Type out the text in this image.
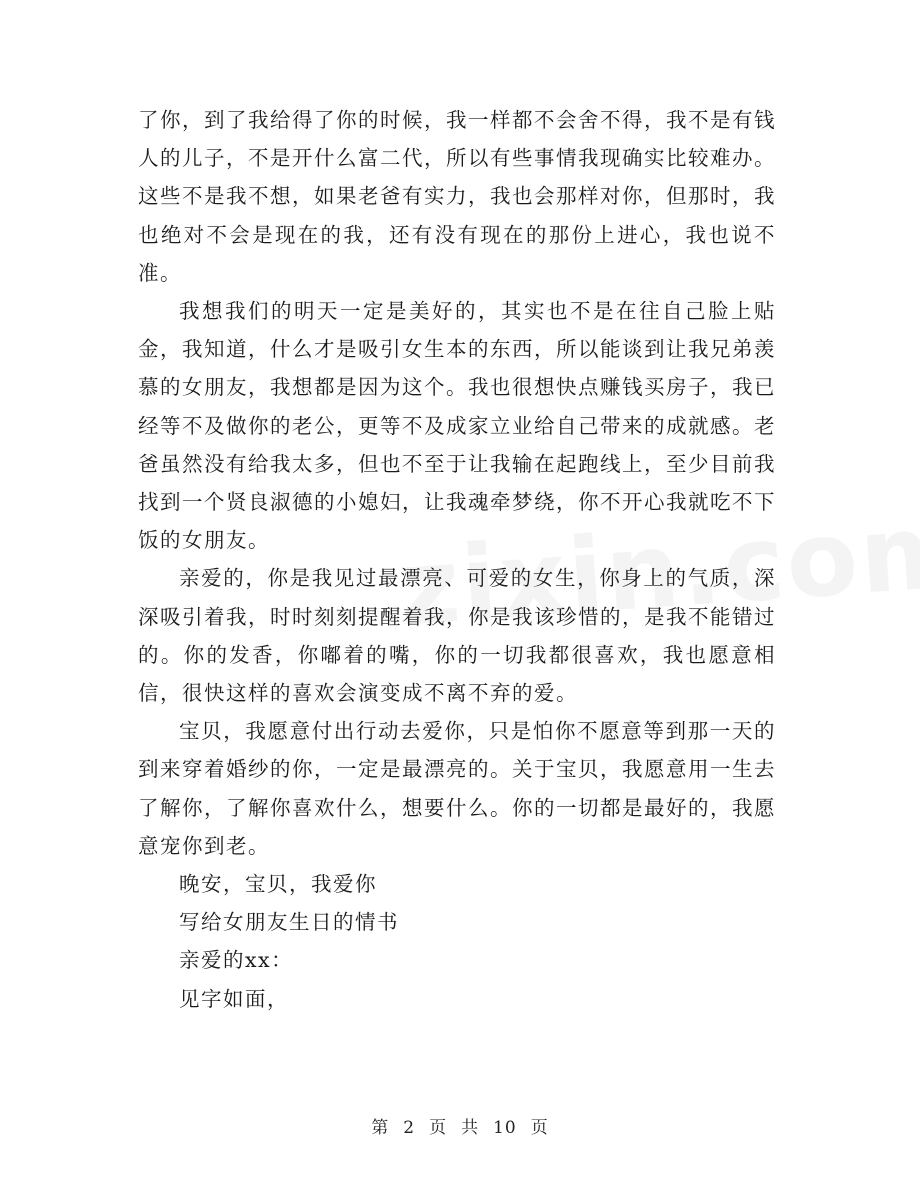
了你，到了我给得了你的时候，我一样都不会舍不得，我不是有钱人的儿子，不是开什么富二代，所以有些事情我现确实比较难办。这些不是我不想，如果老爸有实力，我也会那样对你，但那时，我也绝对不会是现在的我，还有没有现在的那份上进心，我也说不准。

我想我们的明天一定是美好的，其实也不是在往自己脸上贴金，我知道，什么才是吸引女生本的东西，所以能谈到让我兄弟羡慕的女朋友，我想都是因为这个。我也很想快点赚钱买房子，我已经等不及做你的老公，更等不及成家立业给自己带来的成就感。老爸虽然没有给我太多，但也不至于让我输在起跑线上，至少目前我找到一个贤良淑德的小媳妇，让我魂牵梦绕，你不开心我就吃不下饭的女朋友。

亲爱的，你是我见过最漂亮、可爱的女生，你身上的气质，深深吸引着我，时时刻刻提醒着我，你是我该珍惜的，是我不能错过的。你的发香，你嘟着的嘴，你的一切我都很喜欢，我也愿意相信，很快这样的喜欢会演变成不离不弃的爱。

宝贝，我愿意付出行动去爱你，只是怕你不愿意等到那一天的到来穿着婚纱的你，一定是最漂亮的。关于宝贝，我愿意用一生去了解你，了解你喜欢什么，想要什么。你的一切都是最好的，我愿意宠你到老。

晚安，宝贝，我爱你

写给女朋友生日的情书

亲爱的xx：

见字如面，

第 2 页 共 10 页
